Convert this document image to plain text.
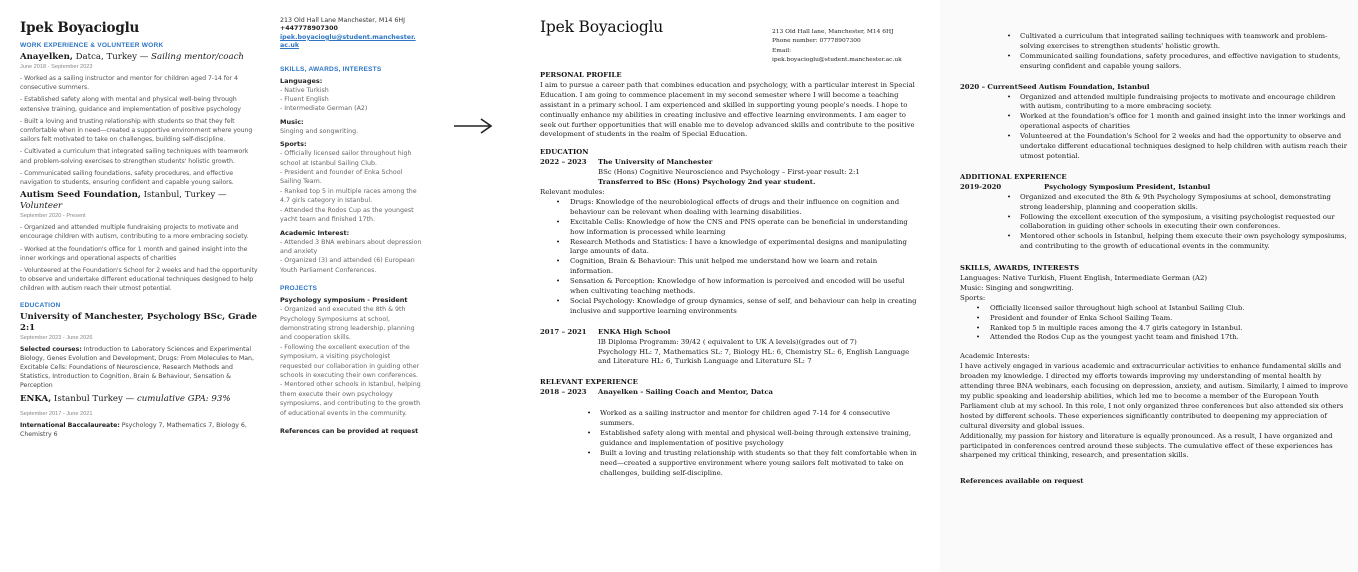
Ipek Boyacioglu
WORK EXPERIENCE & VOLUNTEER WORK
Anayelken, Datca, Turkey — Sailing mentor/coach
June 2018 - September 2023

- Worked as a sailing instructor and mentor for children aged 7-14 for 4 consecutive summers.

- Established safety along with mental and physical well-being through extensive training, guidance and implementation of positive psychology

- Built a loving and trusting relationship with students so that they felt comfortable when in need—created a supportive environment where young sailors felt motivated to take on challenges, building self-discipline.

- Cultivated a curriculum that integrated sailing techniques with teamwork and problem-solving exercises to strengthen students' holistic growth.

- Communicated sailing foundations, safety procedures, and effective navigation to students, ensuring confident and capable young sailors.

Autism Seed Foundation, Istanbul, Turkey — Volunteer
September 2020 - Present

- Organized and attended multiple fundraising projects to motivate and encourage children with autism, contributing to a more embracing society.

- Worked at the foundation's office for 1 month and gained insight into the inner workings and operational aspects of charities

- Volunteered at the Foundation's School for 2 weeks and had the opportunity to observe and undertake different educational techniques designed to help children with autism reach their utmost potential.

EDUCATION
University of Manchester, Psychology BSc, Grade 2:1
September 2023 - June 2026
Selected courses: Introduction to Laboratory Sciences and Experimental Biology, Genes Evolution and Development, Drugs: From Molecules to Man, Excitable Cells: Foundations of Neuroscience, Research Methods and Statistics, Introduction to Cognition, Brain & Behaviour, Sensation & Perception
ENKA, Istanbul Turkey — cumulative GPA: 93%
September 2017 - June 2021
International Baccalaureate: Psychology 7, Mathematics 7, Biology 6, Chemistry 6
213 Old Hall Lane Manchester, M14 6HJ
+447778907300
ipek.boyacioglu@student.manchester.
ac.uk
SKILLS, AWARDS, INTERESTS
Languages:
- Native Turkish
- Fluent English
- Intermediate German (A2)
Music:
Singing and songwriting.
Sports:
- Officially licensed sailor throughout high school at Istanbul Sailing Club.
- President and founder of Enka School Sailing Team.
- Ranked top 5 in multiple races among the 4.7 girls category in Istanbul.
- Attended the Rodos Cup as the youngest yacht team and finished 17th.
Academic Interest:
- Attended 3 BNA webinars about depression and anxiety
- Organized (3) and attended (6) European Youth Parliament Conferences.
PROJECTS
Psychology symposium - President
- Organized and executed the 8th & 9th Psychology Symposiums at school, demonstrating strong leadership, planning and cooperation skills.
- Following the excellent execution of the symposium, a visiting psychologist requested our collaboration in guiding other schools in executing their own conferences.
- Mentored other schools in Istanbul, helping them execute their own psychology symposiums, and contributing to the growth of educational events in the community.
References can be provided at request
Ipek Boyacioglu	213 Old Hall lane, Manchester, M14 6HJ
Phone number: 07778907300
Email:
ipek.boyacioglu@student.manchester.ac.uk
PERSONAL PROFILE
I aim to pursue a career path that combines education and psychology, with a particular interest in Special Education. I am going to commence placement in my second semester where I will become a teaching assistant in a primary school. I am experienced and skilled in supporting young people's needs. I hope to continually enhance my abilities in creating inclusive and effective learning environments. I am eager to seek out further opportunities that will enable me to develop advanced skills and contribute to the positive development of students in the realm of Special Education.
EDUCATION
2022 – 2023	The University of Manchester
BSc (Hons) Cognitive Neuroscience and Psychology – First-year result: 2:1
Transferred to BSc (Hons) Psychology 2nd year student.
Relevant modules:
• Drugs: Knowledge of the neurobiological effects of drugs and their influence on cognition and behaviour can be relevant when dealing with learning disabilities.
• Excitable Cells: Knowledge of how the CNS and PNS operate can be beneficial in understanding how information is processed while learning
• Research Methods and Statistics: I have a knowledge of experimental designs and manipulating large amounts of data.
• Cognition, Brain & Behaviour: This unit helped me understand how we learn and retain information.
• Sensation & Perception: Knowledge of how information is perceived and encoded will be useful when cultivating teaching methods.
• Social Psychology: Knowledge of group dynamics, sense of self, and behaviour can help in creating inclusive and supportive learning environments
2017 – 2021	ENKA High School
IB Diploma Programm: 39/42 ( equivalent to UK A levels)(grades out of 7)
Psychology HL: 7, Mathematics SL: 7, Biology HL: 6, Chemistry SL: 6, English Language and Literature HL: 6, Turkish Language and Literature SL: 7
RELEVANT EXPERIENCE
2018 – 2023	Anayelken - Sailing Coach and Mentor, Datca
• Worked as a sailing instructor and mentor for children aged 7-14 for 4 consecutive summers.
• Established safety along with mental and physical well-being through extensive training, guidance and implementation of positive psychology
• Built a loving and trusting relationship with students so that they felt comfortable when in need—created a supportive environment where young sailors felt motivated to take on challenges, building self-discipline.
• Cultivated a curriculum that integrated sailing techniques with teamwork and problem-solving exercises to strengthen students' holistic growth.
• Communicated sailing foundations, safety procedures, and effective navigation to students, ensuring confident and capable young sailors.
2020 – Current Seed Autism Foundation, Istanbul
• Organized and attended multiple fundraising projects to motivate and encourage children with autism, contributing to a more embracing society.
• Worked at the foundation's office for 1 month and gained insight into the inner workings and operational aspects of charities
• Volunteered at the Foundation's School for 2 weeks and had the opportunity to observe and undertake different educational techniques designed to help children with autism reach their utmost potential.
ADDITIONAL EXPERIENCE
2019-2020	Psychology Symposium President, Istanbul
• Organized and executed the 8th & 9th Psychology Symposiums at school, demonstrating strong leadership, planning and cooperation skills.
• Following the excellent execution of the symposium, a visiting psychologist requested our collaboration in guiding other schools in executing their own conferences.
• Mentored other schools in Istanbul, helping them execute their own psychology symposiums, and contributing to the growth of educational events in the community.
SKILLS, AWARDS, INTERESTS
Languages: Native Turkish, Fluent English, Intermediate German (A2)
Music: Singing and songwriting.
Sports:
• Officially licensed sailor throughout high school at Istanbul Sailing Club.
• President and founder of Enka School Sailing Team.
• Ranked top 5 in multiple races among the 4.7 girls category in Istanbul.
• Attended the Rodos Cup as the youngest yacht team and finished 17th.
Academic Interests:
I have actively engaged in various academic and extracurricular activities to enhance fundamental skills and broaden my knowledge. I directed my efforts towards improving my understanding of mental health by attending three BNA webinars, each focusing on depression, anxiety, and autism. Similarly, I aimed to improve my public speaking and leadership abilities, which led me to become a member of the European Youth Parliament club at my school. In this role, I not only organized three conferences but also attended six others hosted by different schools. These experiences significantly contributed to deepening my appreciation of cultural diversity and global issues.
Additionally, my passion for history and literature is equally pronounced. As a result, I have organized and participated in conferences centred around these subjects. The cumulative effect of these experiences has sharpened my critical thinking, research, and presentation skills.
References available on request
